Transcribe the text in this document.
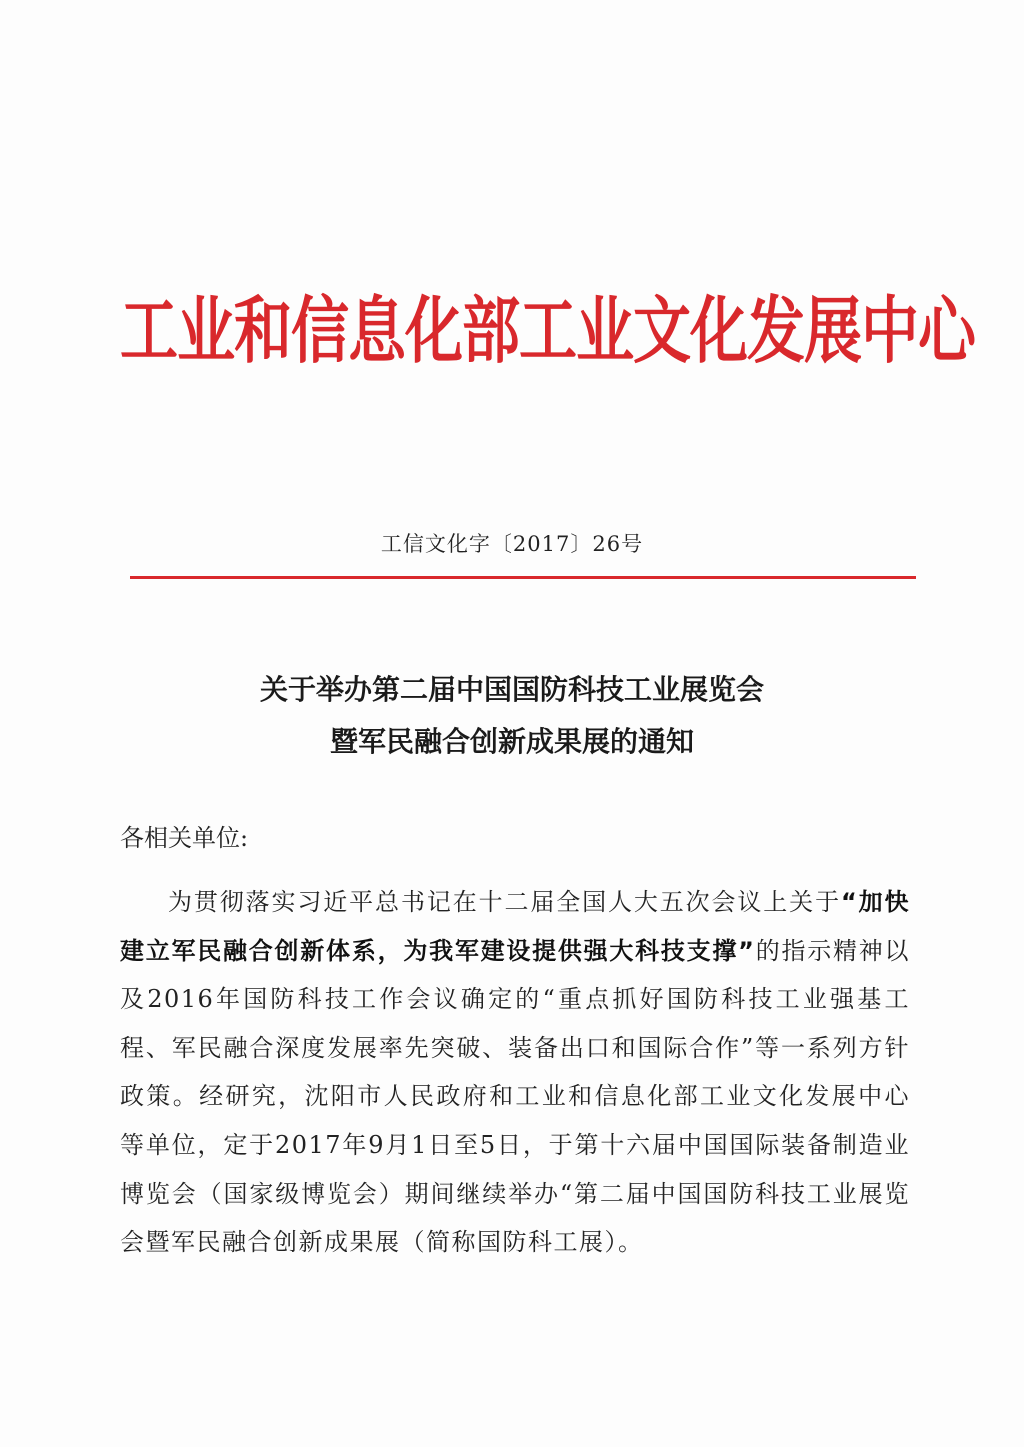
工业和信息化部工业文化发展中心
工信文化字〔2017〕26号
关于举办第二届中国国防科技工业展览会
暨军民融合创新成果展的通知
各相关单位:
为贯彻落实习近平总书记在十二届全国人大五次会议上关于“加快建立军民融合创新体系，为我军建设提供强大科技支撑”的指示精神以及2016年国防科技工作会议确定的“重点抓好国防科技工业强基工程、军民融合深度发展率先突破、装备出口和国际合作”等一系列方针政策。经研究，沈阳市人民政府和工业和信息化部工业文化发展中心等单位，定于2017年9月1日至5日，于第十六届中国国际装备制造业博览会（国家级博览会）期间继续举办“第二届中国国防科技工业展览会暨军民融合创新成果展（简称国防科工展）。
